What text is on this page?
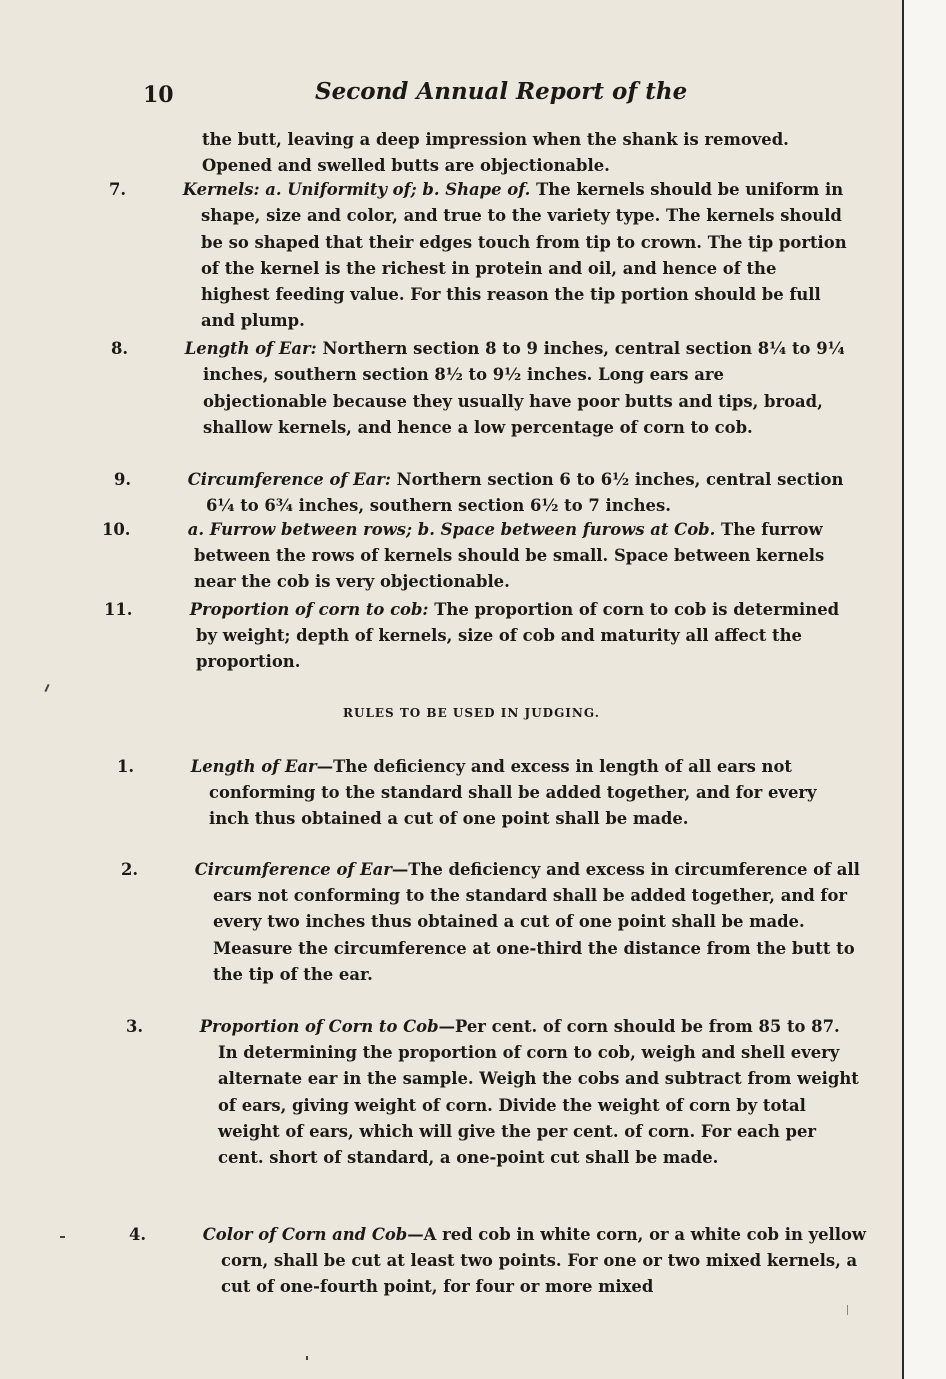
10	Second Annual Report of the

the butt, leaving a deep impression when the shank is removed.

Opened and swelled butts are objectionable.

7.	Kernels: a. Uniformity of; b. Shape of. The kernels should be uniform in shape, size and color, and true to the variety type. The kernels should be so shaped that their edges touch from tip to crown. The tip portion of the kernel is the richest in protein and oil, and hence of the highest feeding value. For this reason the tip portion should be full and plump.
8.	Length of Ear: Northern section 8 to 9 inches, central section 8¼ to 9¼ inches, southern section 8½ to 9½ inches. Long ears are objectionable because they usually have poor butts and tips, broad, shallow kernels, and hence a low percentage of corn to cob.
9.	Circumference of Ear: Northern section 6 to 6½ inches, central section 6¼ to 6¾ inches, southern section 6½ to 7 inches.
10.	a. Furrow between rows; b. Space between furows at Cob. The furrow between the rows of kernels should be small. Space between kernels near the cob is very objectionable.
11.	Proportion of corn to cob: The proportion of corn to cob is determined by weight; depth of kernels, size of cob and maturity all affect the proportion.
RULES TO BE USED IN JUDGING.
1.	Length of Ear—The deficiency and excess in length of all ears not conforming to the standard shall be added together, and for every inch thus obtained a cut of one point shall be made.
2.	Circumference of Ear—The deficiency and excess in circumference of all ears not conforming to the standard shall be added together, and for every two inches thus obtained a cut of one point shall be made. Measure the circumference at one-third the distance from the butt to the tip of the ear.
3.	Proportion of Corn to Cob—Per cent. of corn should be from 85 to 87. In determining the proportion of corn to cob, weigh and shell every alternate ear in the sample. Weigh the cobs and subtract from weight of ears, giving weight of corn. Divide the weight of corn by total weight of ears, which will give the per cent. of corn. For each per cent. short of standard, a one-point cut shall be made.
4.	Color of Corn and Cob—A red cob in white corn, or a white cob in yellow corn, shall be cut at least two points. For one or two mixed kernels, a cut of one-fourth point, for four or more mixed
